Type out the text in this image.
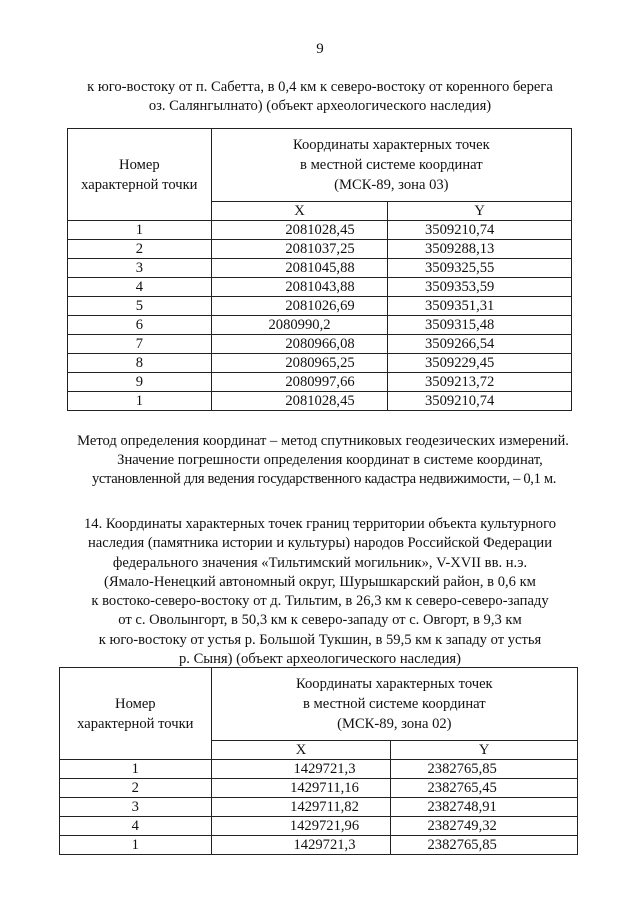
9
к юго-востоку от п. Сабетта, в 0,4 км к северо-востоку от коренного берега
оз. Салянгылнато) (объект археологического наследия)
Номер
характерной точки	Координаты характерных точек
в местной системе координат
(МСК-89, зона 03)	
	X	Y
1	2081028,45	3509210,74
2	2081037,25	3509288,13
3	2081045,88	3509325,55
4	2081043,88	3509353,59
5	2081026,69	3509351,31
6	2080990,2	3509315,48
7	2080966,08	3509266,54
8	2080965,25	3509229,45
9	2080997,66	3509213,72
1	2081028,45	3509210,74
Метод определения координат – метод спутниковых геодезических измерений.
Значение погрешности определения координат в системе координат,
установленной для ведения государственного кадастра недвижимости, – 0,1 м.
14. Координаты характерных точек границ территории объекта культурного
наследия (памятника истории и культуры) народов Российской Федерации
федерального значения «Тильтимский могильник», V-XVII вв. н.э.
(Ямало-Ненецкий автономный округ, Шурышкарский район, в 0,6 км
к востоко-северо-востоку от д. Тильтим, в 26,3 км к северо-северо-западу
от с. Оволынгорт, в 50,3 км к северо-западу от с. Овгорт, в 9,3 км
к юго-востоку от устья р. Большой Тукшин, в 59,5 км к западу от устья
р. Сыня) (объект археологического наследия)
Номер
характерной точки	Координаты характерных точек
в местной системе координат
(МСК-89, зона 02)	
	X	Y
1	1429721,3	2382765,85
2	1429711,16	2382765,45
3	1429711,82	2382748,91
4	1429721,96	2382749,32
1	1429721,3	2382765,85
